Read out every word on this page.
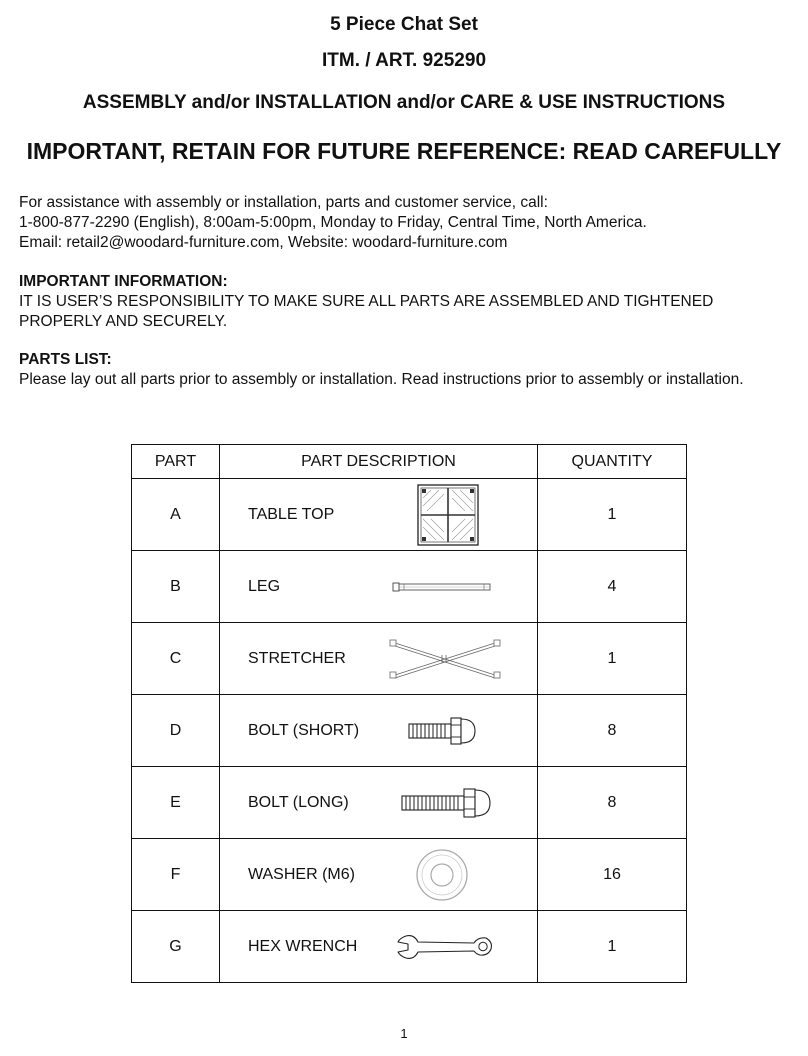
5 Piece Chat Set

ITM. / ART. 925290

ASSEMBLY and/or INSTALLATION and/or CARE & USE INSTRUCTIONS

IMPORTANT, RETAIN FOR FUTURE REFERENCE: READ CAREFULLY

For assistance with assembly or installation, parts and customer service, call:

1-800-877-2290 (English), 8:00am-5:00pm, Monday to Friday, Central Time, North America.

Email: retail2@woodard-furniture.com, Website: woodard-furniture.com

IMPORTANT INFORMATION:

IT IS USER’S RESPONSIBILITY TO MAKE SURE ALL PARTS ARE ASSEMBLED AND TIGHTENED PROPERLY AND SECURELY.

PARTS LIST:

Please lay out all parts prior to assembly or installation. Read instructions prior to assembly or installation.

PART	PART DESCRIPTION	QUANTITY
A	TABLE TOP	1
B	LEG	4
C	STRETCHER	1
D	BOLT (SHORT)	8
E	BOLT (LONG)	8
F	WASHER (M6)	16
G	HEX WRENCH	1
1
